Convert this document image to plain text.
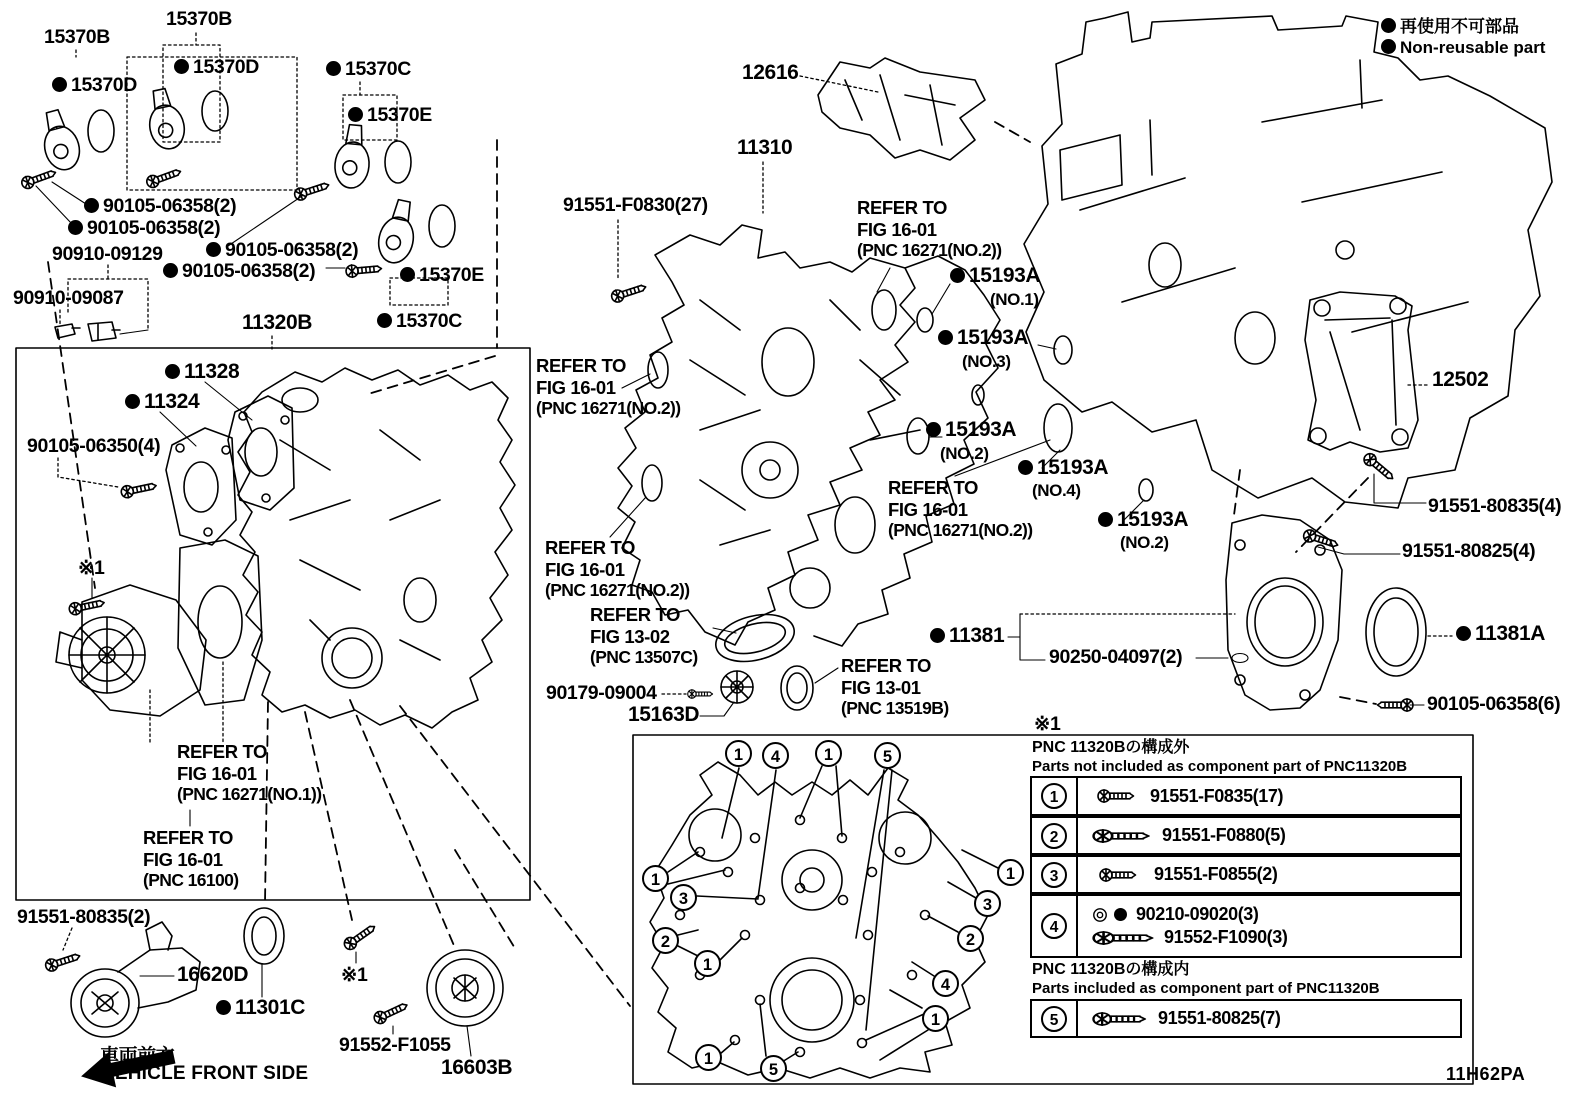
15370B
15370B
15370D
15370D	15370C
15370E
90105-06358(2)
90105-06358(2)
90105-06358(2)
90105-06358(2)
90910-09129
90910-09087
11320B
15370E
15370C
11328
11324
90105-06350(4)
※1
REFER TO
FIG 16-01
(PNC 16271(NO.1))
REFER TO
FIG 16-01
(PNC 16100)
91551-80835(2)
16620D
11301C
※1
91552-F1055
16603B
車両前方
VEHICLE FRONT SIDE
12616
11310
91551-F0830(27)	REFER TO
FIG 16-01
(PNC 16271(NO.2))
REFER TO
FIG 16-01
(PNC 16271(NO.2))
REFER TO
FIG 16-01
(PNC 16271(NO.2))
REFER TO
FIG 16-01
(PNC 16271(NO.2))
REFER TO
FIG 13-02
(PNC 13507C)	REFER TO
FIG 13-01
(PNC 13519B)
15193A
(NO.1)
15193A
(NO.3)
15193A
(NO.2)
15193A
(NO.4)
15193A
(NO.2)
90179-09004
15163D
11381
90250-04097(2)
※1
12502
91551-80835(4)
91551-80825(4)
11381A
90105-06358(6)
再使用不可部品
Non-reusable part
11H62PA
1	4	1	5
1
3
2
1
1
5
1
4
2
3
1
PNC 11320Bの構成外
Parts not included as component part of PNC11320B
1	91551-F0835(17)
2	91551-F0880(5)
3	91551-F0855(2)
4
90210-09020(3)
91552-F1090(3)
PNC 11320Bの構成内
Parts included as component part of PNC11320B
5	91551-80825(7)
